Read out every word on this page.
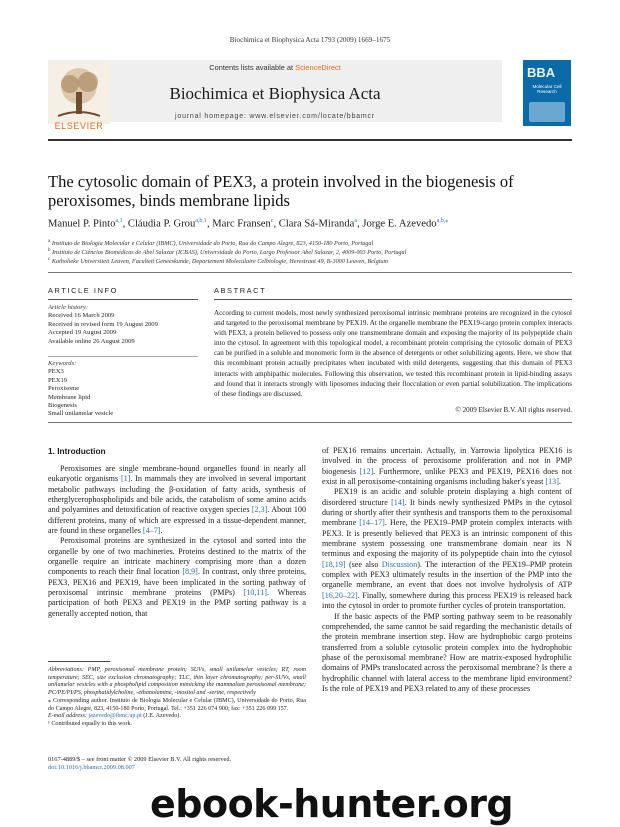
Biochimica et Biophysica Acta 1793 (2009) 1669–1675
Contents lists available at ScienceDirect
Biochimica et Biophysica Acta
journal homepage: www.elsevier.com/locate/bbamcr
ELSEVIER
BBA
Molecular Cell Research
The cytosolic domain of PEX3, a protein involved in the biogenesis of peroxisomes, binds membrane lipids
Manuel P. Pinto$^{a,1}$, Cláudia P. Grou$^{a,b,1}$, Marc Fransen$^c$, Clara Sá-Miranda$^a$, Jorge E. Azevedo$^{a,b,⁎}$
$^a$ Instituto de Biologia Molecular e Celular (IBMC), Universidade do Porto, Rua do Campo Alegre, 823, 4150-180 Porto, Portugal
$^b$ Instituto de Ciências Biomédicas de Abel Salazar (ICBAS), Universidade do Porto, Largo Professor Abel Salazar, 2, 4009-003 Porto, Portugal
$^c$ Katholieke Universiteit Leuven, Faculteit Geneeskunde, Departement Moleculaire Celbiologie, Herestraat 49, B-3000 Leuven, Belgium
ARTICLE INFO
Article history:
Received 16 March 2009
Received in revised form 19 August 2009
Accepted 19 August 2009
Available online 26 August 2009
Keywords:
PEX3
PEX19
Peroxisome
Membrane lipid
Biogenesis
Small unilamelar vesicle
ABSTRACT
According to current models, most newly synthesized peroxisomal intrinsic membrane proteins are recognized in the cytosol and targeted to the peroxisomal membrane by PEX19. At the organelle membrane the PEX19-cargo protein complex interacts with PEX3, a protein believed to possess only one transmembrane domain and exposing the majority of its polypeptide chain into the cytosol. In agreement with this topological model, a recombinant protein comprising the cytosolic domain of PEX3 can be purified in a soluble and monomeric form in the absence of detergents or other solubilizing agents. Here, we show that this recombinant protein actually precipitates when incubated with mild detergents, suggesting that this domain of PEX3 interacts with amphipathic molecules. Following this observation, we tested this recombinant protein in lipid-binding assays and found that it interacts strongly with liposomes inducing their flocculation or even partial solubilization. The implications of these findings are discussed.
© 2009 Elsevier B.V. All rights reserved.
1. Introduction

Peroxisomes are single membrane-bound organelles found in nearly all eukaryotic organisms [1]. In mammals they are involved in several important metabolic pathways including the β-oxidation of fatty acids, synthesis of etherglycerophospholipids and bile acids, the catabolism of some amino acids and polyamines and detoxification of reactive oxygen species [2,3]. About 100 different proteins, many of which are expressed in a tissue-dependent manner, are found in these organelles [4–7].

Peroxisomal proteins are synthesized in the cytosol and sorted into the organelle by one of two machineries. Proteins destined to the matrix of the organelle require an intricate machinery comprising more than a dozen components to reach their final location [8,9]. In contrast, only three proteins, PEX3, PEX16 and PEX19, have been implicated in the sorting pathway of peroxisomal intrinsic membrane proteins (PMPs) [10,11]. Whereas participation of both PEX3 and PEX19 in the PMP sorting pathway is a generally accepted notion, that

Abbreviations: PMP, peroxisomal membrane protein; SUVs, small unilamelar vesicles; RT, room temperature; SEC, size exclusion chromatography; TLC, thin layer chromatography; per-SUVs, small unilamelar vesicles with a phospholipid composition mimicking the mammalian peroxisomal membrane; PC/PE/PI/PS, phosphatidylcholine, -ethanolamine, -inositol and -serine, respectively
⁎ Corresponding author. Instituto de Biologia Molecular e Celular (IBMC), Universidade do Porto, Rua do Campo Alegre, 823, 4150-180 Porto, Portugal. Tel.: +351 226 074 900; fax: +351 226 099 157.
E-mail address: jazevedo@ibmc.up.pt (J.E. Azevedo).
¹ Contributed equally to this work.
0167-4889/$ – see front matter © 2009 Elsevier B.V. All rights reserved.
doi:10.1016/j.bbamcr.2009.08.007

of PEX16 remains uncertain. Actually, in Yarrowia lipolytica PEX16 is involved in the process of peroxisome proliferation and not in PMP biogenesis [12]. Furthermore, unlike PEX3 and PEX19, PEX16 does not exist in all peroxisome-containing organisms including baker's yeast [13].

PEX19 is an acidic and soluble protein displaying a high content of disordered structure [14]. It binds newly synthesized PMPs in the cytosol during or shortly after their synthesis and transports them to the peroxisomal membrane [14–17]. Here, the PEX19–PMP protein complex interacts with PEX3. It is presently believed that PEX3 is an intrinsic component of this membrane system possessing one transmembrane domain near its N terminus and exposing the majority of its polypeptide chain into the cytosol [18,19] (see also Discussion). The interaction of the PEX19–PMP protein complex with PEX3 ultimately results in the insertion of the PMP into the organelle membrane, an event that does not involve hydrolysis of ATP [16,20–22]. Finally, somewhere during this process PEX19 is released back into the cytosol in order to promote further cycles of protein transportation.

If the basic aspects of the PMP sorting pathway seem to be reasonably comprehended, the same cannot be said regarding the mechanistic details of the protein membrane insertion step. How are hydrophobic cargo proteins transferred from a soluble cytosolic protein complex into the hydrophobic phase of the peroxisomal membrane? How are matrix-exposed hydrophilic domains of PMPs translocated across the peroxisomal membrane? Is there a hydrophilic channel with lateral access to the membrane lipid environment? Is the role of PEX19 and PEX3 related to any of these processes

ebook-hunter.org
